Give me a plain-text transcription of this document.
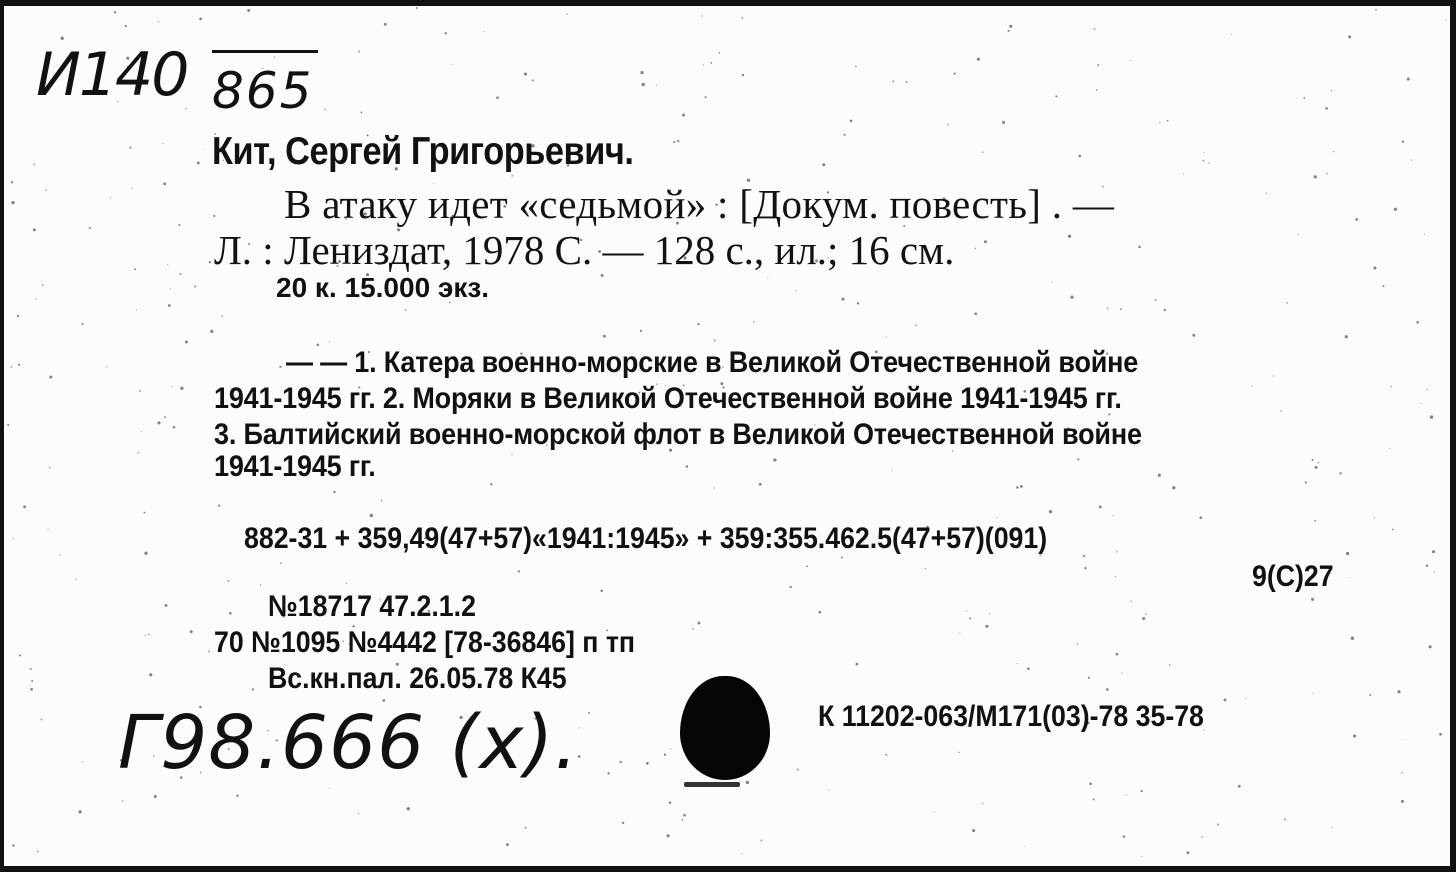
И140 865
Кит, Сергей Григорьевич.
В атаку идет «седьмой» : [Докум. повесть] . —
Л. : Лениздат, 1978 С. — 128 с., ил.; 16 см.
20 к. 15.000 экз.
— — 1. Катера военно-морские в Великой Отечественной войне
1941-1945 гг. 2. Моряки в Великой Отечественной войне 1941-1945 гг.
3. Балтийский военно-морской флот в Великой Отечественной войне
1941-1945 гг.
882-31 + 359,49(47+57)«1941:1945» + 359:355.462.5(47+57)(091)
9(С)27
№18717 47.2.1.2
70 №1095 №4442 [78-36846] п тп
Вс.кн.пал. 26.05.78 К45
К 11202-063/М171(03)-78 35-78
Г98.666 (х).
